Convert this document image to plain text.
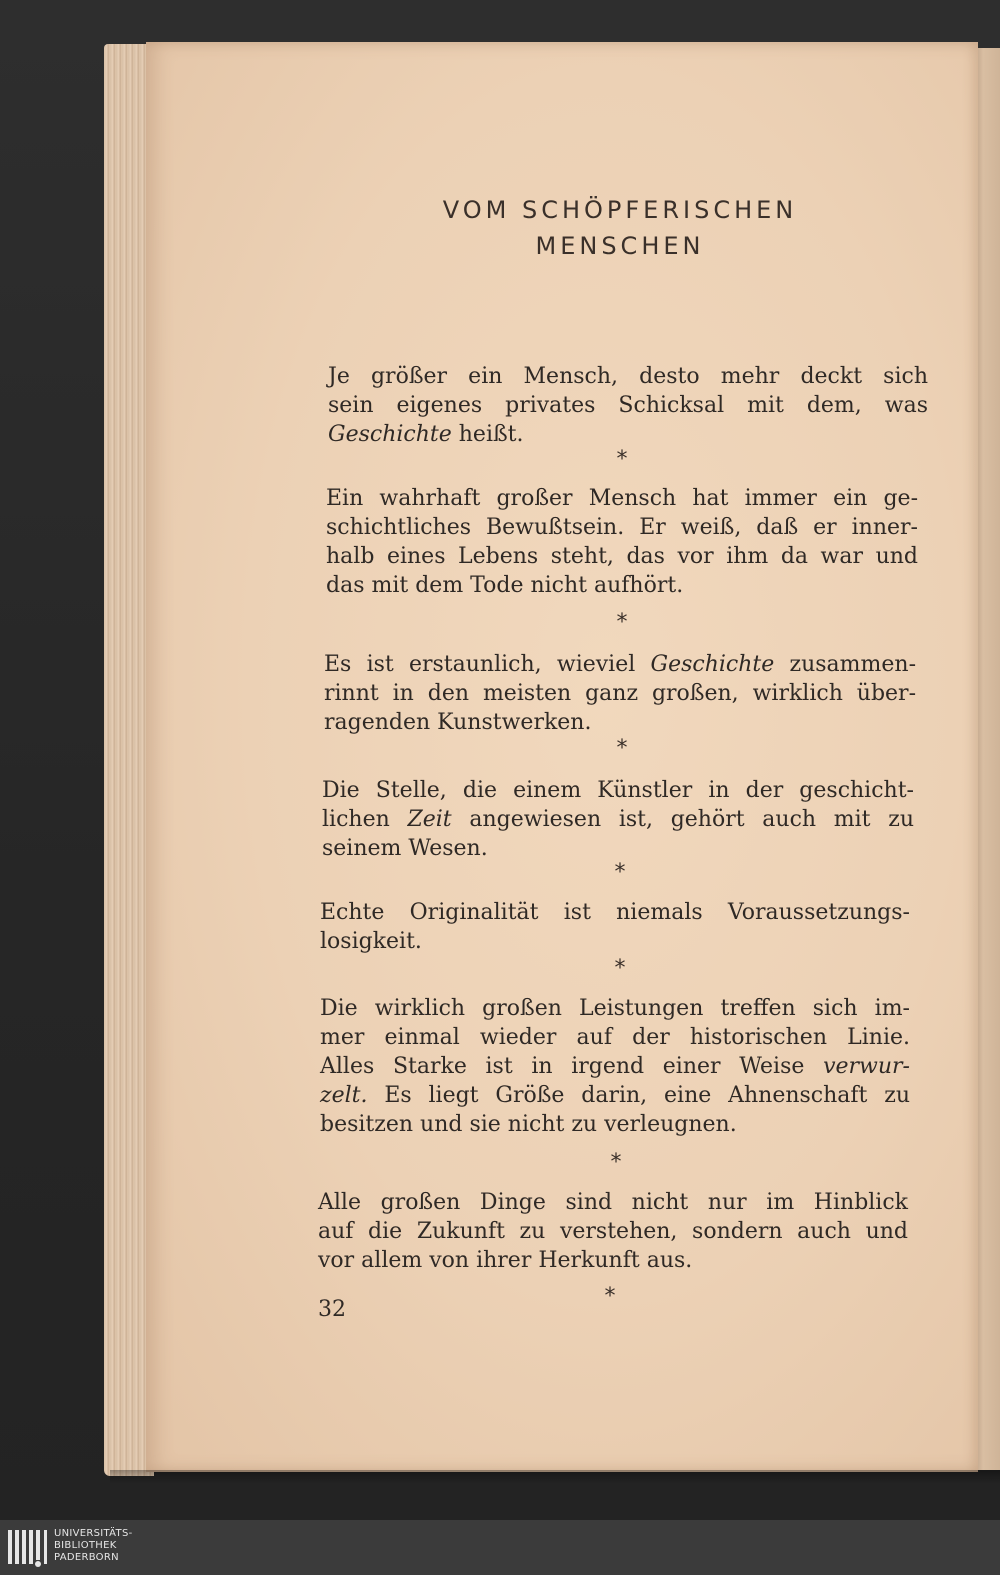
VOM SCHÖPFERISCHEN
MENSCHEN
Je größer ein Mensch, desto mehr deckt sich
sein eigenes privates Schicksal mit dem, was
Geschichte heißt.
*
Ein wahrhaft großer Mensch hat immer ein ge-
schichtliches Bewußtsein. Er weiß, daß er inner-
halb eines Lebens steht, das vor ihm da war und
das mit dem Tode nicht aufhört.
*
Es ist erstaunlich, wieviel Geschichte zusammen-
rinnt in den meisten ganz großen, wirklich über-
ragenden Kunstwerken.
*
Die Stelle, die einem Künstler in der geschicht-
lichen Zeit angewiesen ist, gehört auch mit zu
seinem Wesen.
*
Echte Originalität ist niemals Voraussetzungs-
losigkeit.
*
Die wirklich großen Leistungen treffen sich im-
mer einmal wieder auf der historischen Linie.
Alles Starke ist in irgend einer Weise verwur-
zelt. Es liegt Größe darin, eine Ahnenschaft zu
besitzen und sie nicht zu verleugnen.
*
Alle großen Dinge sind nicht nur im Hinblick
auf die Zukunft zu verstehen, sondern auch und
vor allem von ihrer Herkunft aus.
*
32
UNIVERSITÄTS-
BIBLIOTHEK
PADERBORN
